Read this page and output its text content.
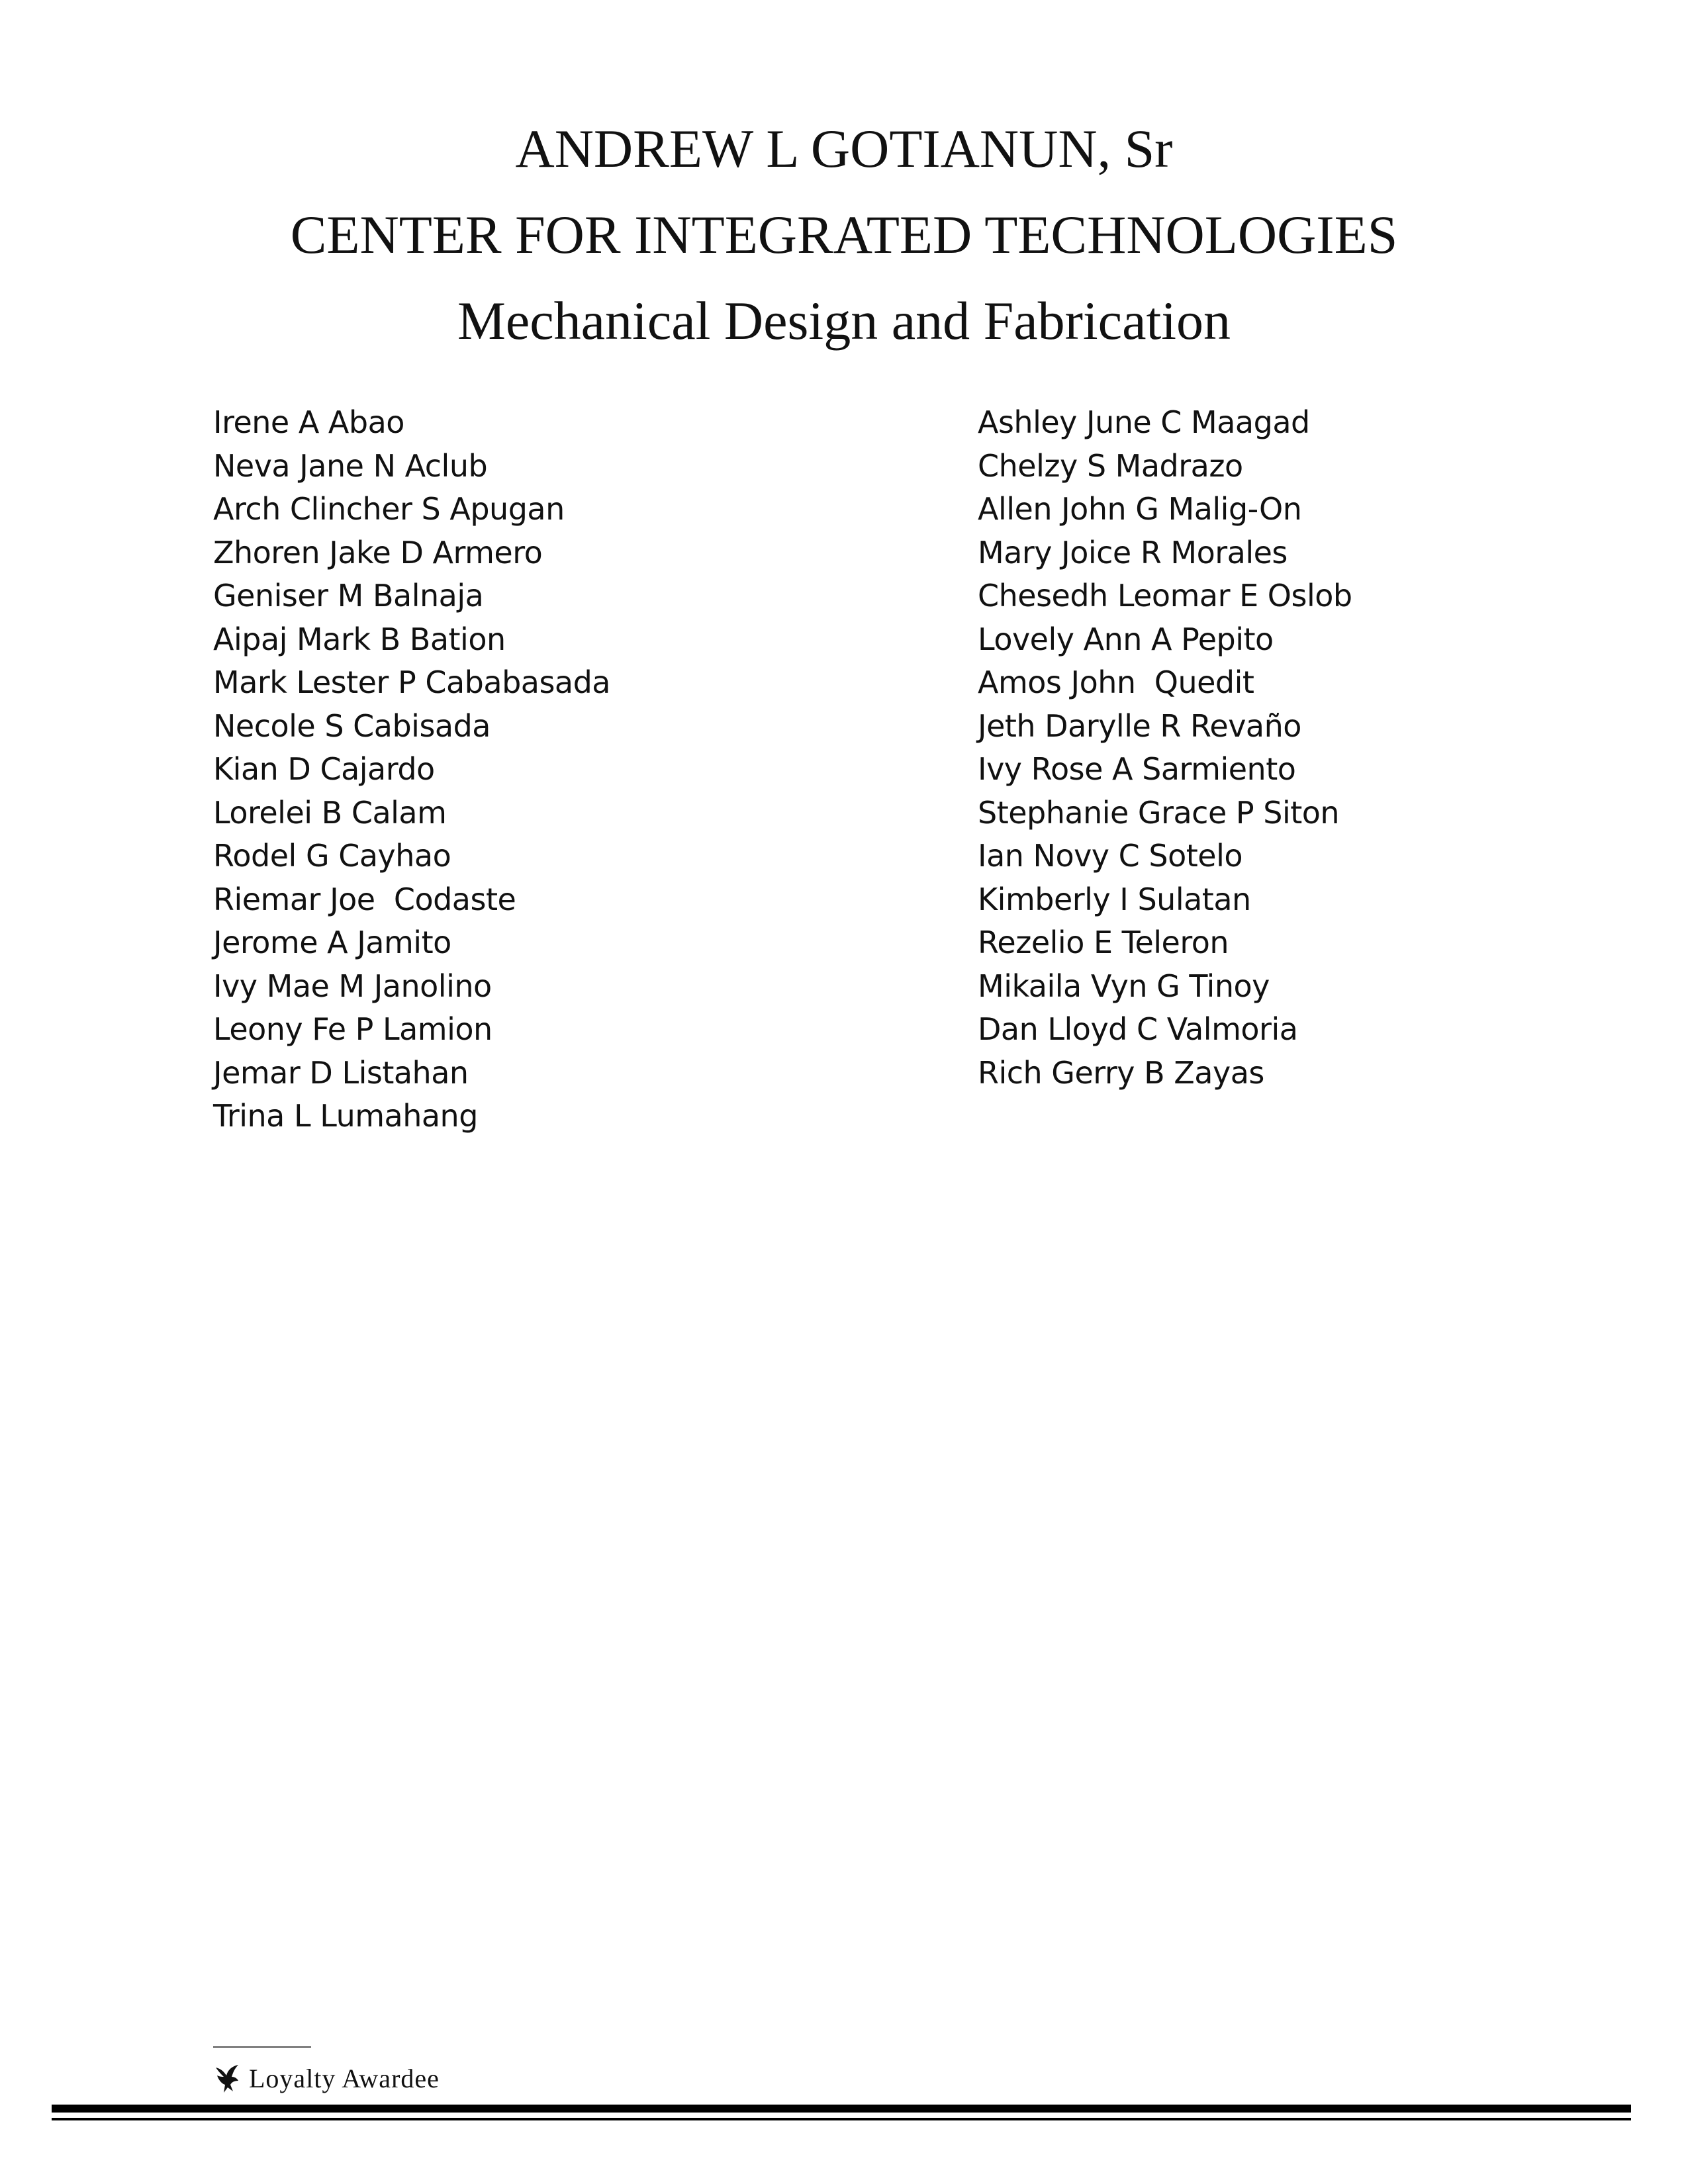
ANDREW L GOTIANUN, Sr
CENTER FOR INTEGRATED TECHNOLOGIES
Mechanical Design and Fabrication
Irene A Abao
Neva Jane N Aclub
Arch Clincher S Apugan
Zhoren Jake D Armero
Geniser M Balnaja
Aipaj Mark B Bation
Mark Lester P Cababasada
Necole S Cabisada
Kian D Cajardo
Lorelei B Calam
Rodel G Cayhao
Riemar Joe  Codaste
Jerome A Jamito
Ivy Mae M Janolino
Leony Fe P Lamion
Jemar D Listahan
Trina L Lumahang
Ashley June C Maagad
Chelzy S Madrazo
Allen John G Malig-On
Mary Joice R Morales
Chesedh Leomar E Oslob
Lovely Ann A Pepito
Amos John  Quedit
Jeth Darylle R Revaño
Ivy Rose A Sarmiento
Stephanie Grace P Siton
Ian Novy C Sotelo
Kimberly I Sulatan
Rezelio E Teleron
Mikaila Vyn G Tinoy
Dan Lloyd C Valmoria
Rich Gerry B Zayas
Loyalty Awardee
